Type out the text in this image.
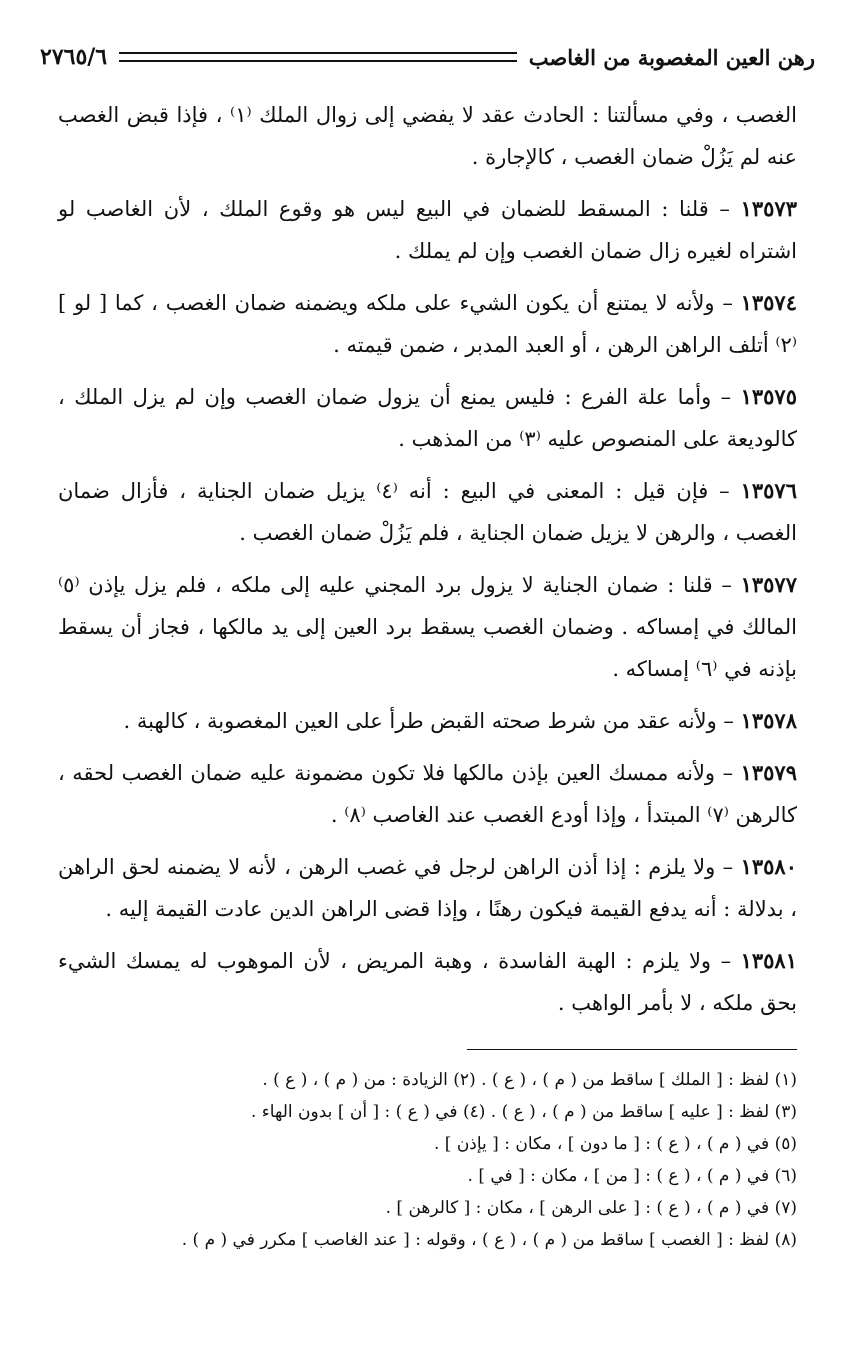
رهن العين المغصوبة من الغاصب
٢٧٦٥/٦

الغصب ، وفي مسألتنا : الحادث عقد لا يفضي إلى زوال الملك ⁽١⁾ ، فإذا قبض الغصب عنه لم يَزُلْ ضمان الغصب ، كالإجارة .

١٣٥٧٣ – قلنا : المسقط للضمان في البيع ليس هو وقوع الملك ، لأن الغاصب لو اشتراه لغيره زال ضمان الغصب وإن لم يملك .

١٣٥٧٤ – ولأنه لا يمتنع أن يكون الشيء على ملكه ويضمنه ضمان الغصب ، كما [ لو ] ⁽٢⁾ أتلف الراهن الرهن ، أو العبد المدبر ، ضمن قيمته .

١٣٥٧٥ – وأما علة الفرع : فليس يمنع أن يزول ضمان الغصب وإن لم يزل الملك ، كالوديعة على المنصوص عليه ⁽٣⁾ من المذهب .

١٣٥٧٦ – فإن قيل : المعنى في البيع : أنه ⁽٤⁾ يزيل ضمان الجناية ، فأزال ضمان الغصب ، والرهن لا يزيل ضمان الجناية ، فلم يَزُلْ ضمان الغصب .

١٣٥٧٧ – قلنا : ضمان الجناية لا يزول برد المجني عليه إلى ملكه ، فلم يزل يإذن ⁽٥⁾ المالك في إمساكه . وضمان الغصب يسقط برد العين إلى يد مالكها ، فجاز أن يسقط بإذنه في ⁽٦⁾ إمساكه .

١٣٥٧٨ – ولأنه عقد من شرط صحته القبض طرأ على العين المغصوبة ، كالهبة .

١٣٥٧٩ – ولأنه ممسك العين بإذن مالكها فلا تكون مضمونة عليه ضمان الغصب لحقه ، كالرهن ⁽٧⁾ المبتدأ ، وإذا أودع الغصب عند الغاصب ⁽٨⁾ .

١٣٥٨٠ – ولا يلزم : إذا أذن الراهن لرجل في غصب الرهن ، لأنه لا يضمنه لحق الراهن ، بدلالة : أنه يدفع القيمة فيكون رهنًا ، وإذا قضى الراهن الدين عادت القيمة إليه .

١٣٥٨١ – ولا يلزم : الهبة الفاسدة ، وهبة المريض ، لأن الموهوب له يمسك الشيء بحق ملكه ، لا بأمر الواهب .

(١) لفظ : [ الملك ] ساقط من ( م ) ، ( ع ) . (٢) الزيادة : من ( م ) ، ( ع ) .
(٣) لفظ : [ عليه ] ساقط من ( م ) ، ( ع ) . (٤) في ( ع ) : [ أن ] بدون الهاء .
(٥) في ( م ) ، ( ع ) : [ ما دون ] ، مكان : [ يإذن ] .
(٦) في ( م ) ، ( ع ) : [ من ] ، مكان : [ في ] .
(٧) في ( م ) ، ( ع ) : [ على الرهن ] ، مكان : [ كالرهن ] .
(٨) لفظ : [ الغصب ] ساقط من ( م ) ، ( ع ) ، وقوله : [ عند الغاصب ] مكرر في ( م ) .
